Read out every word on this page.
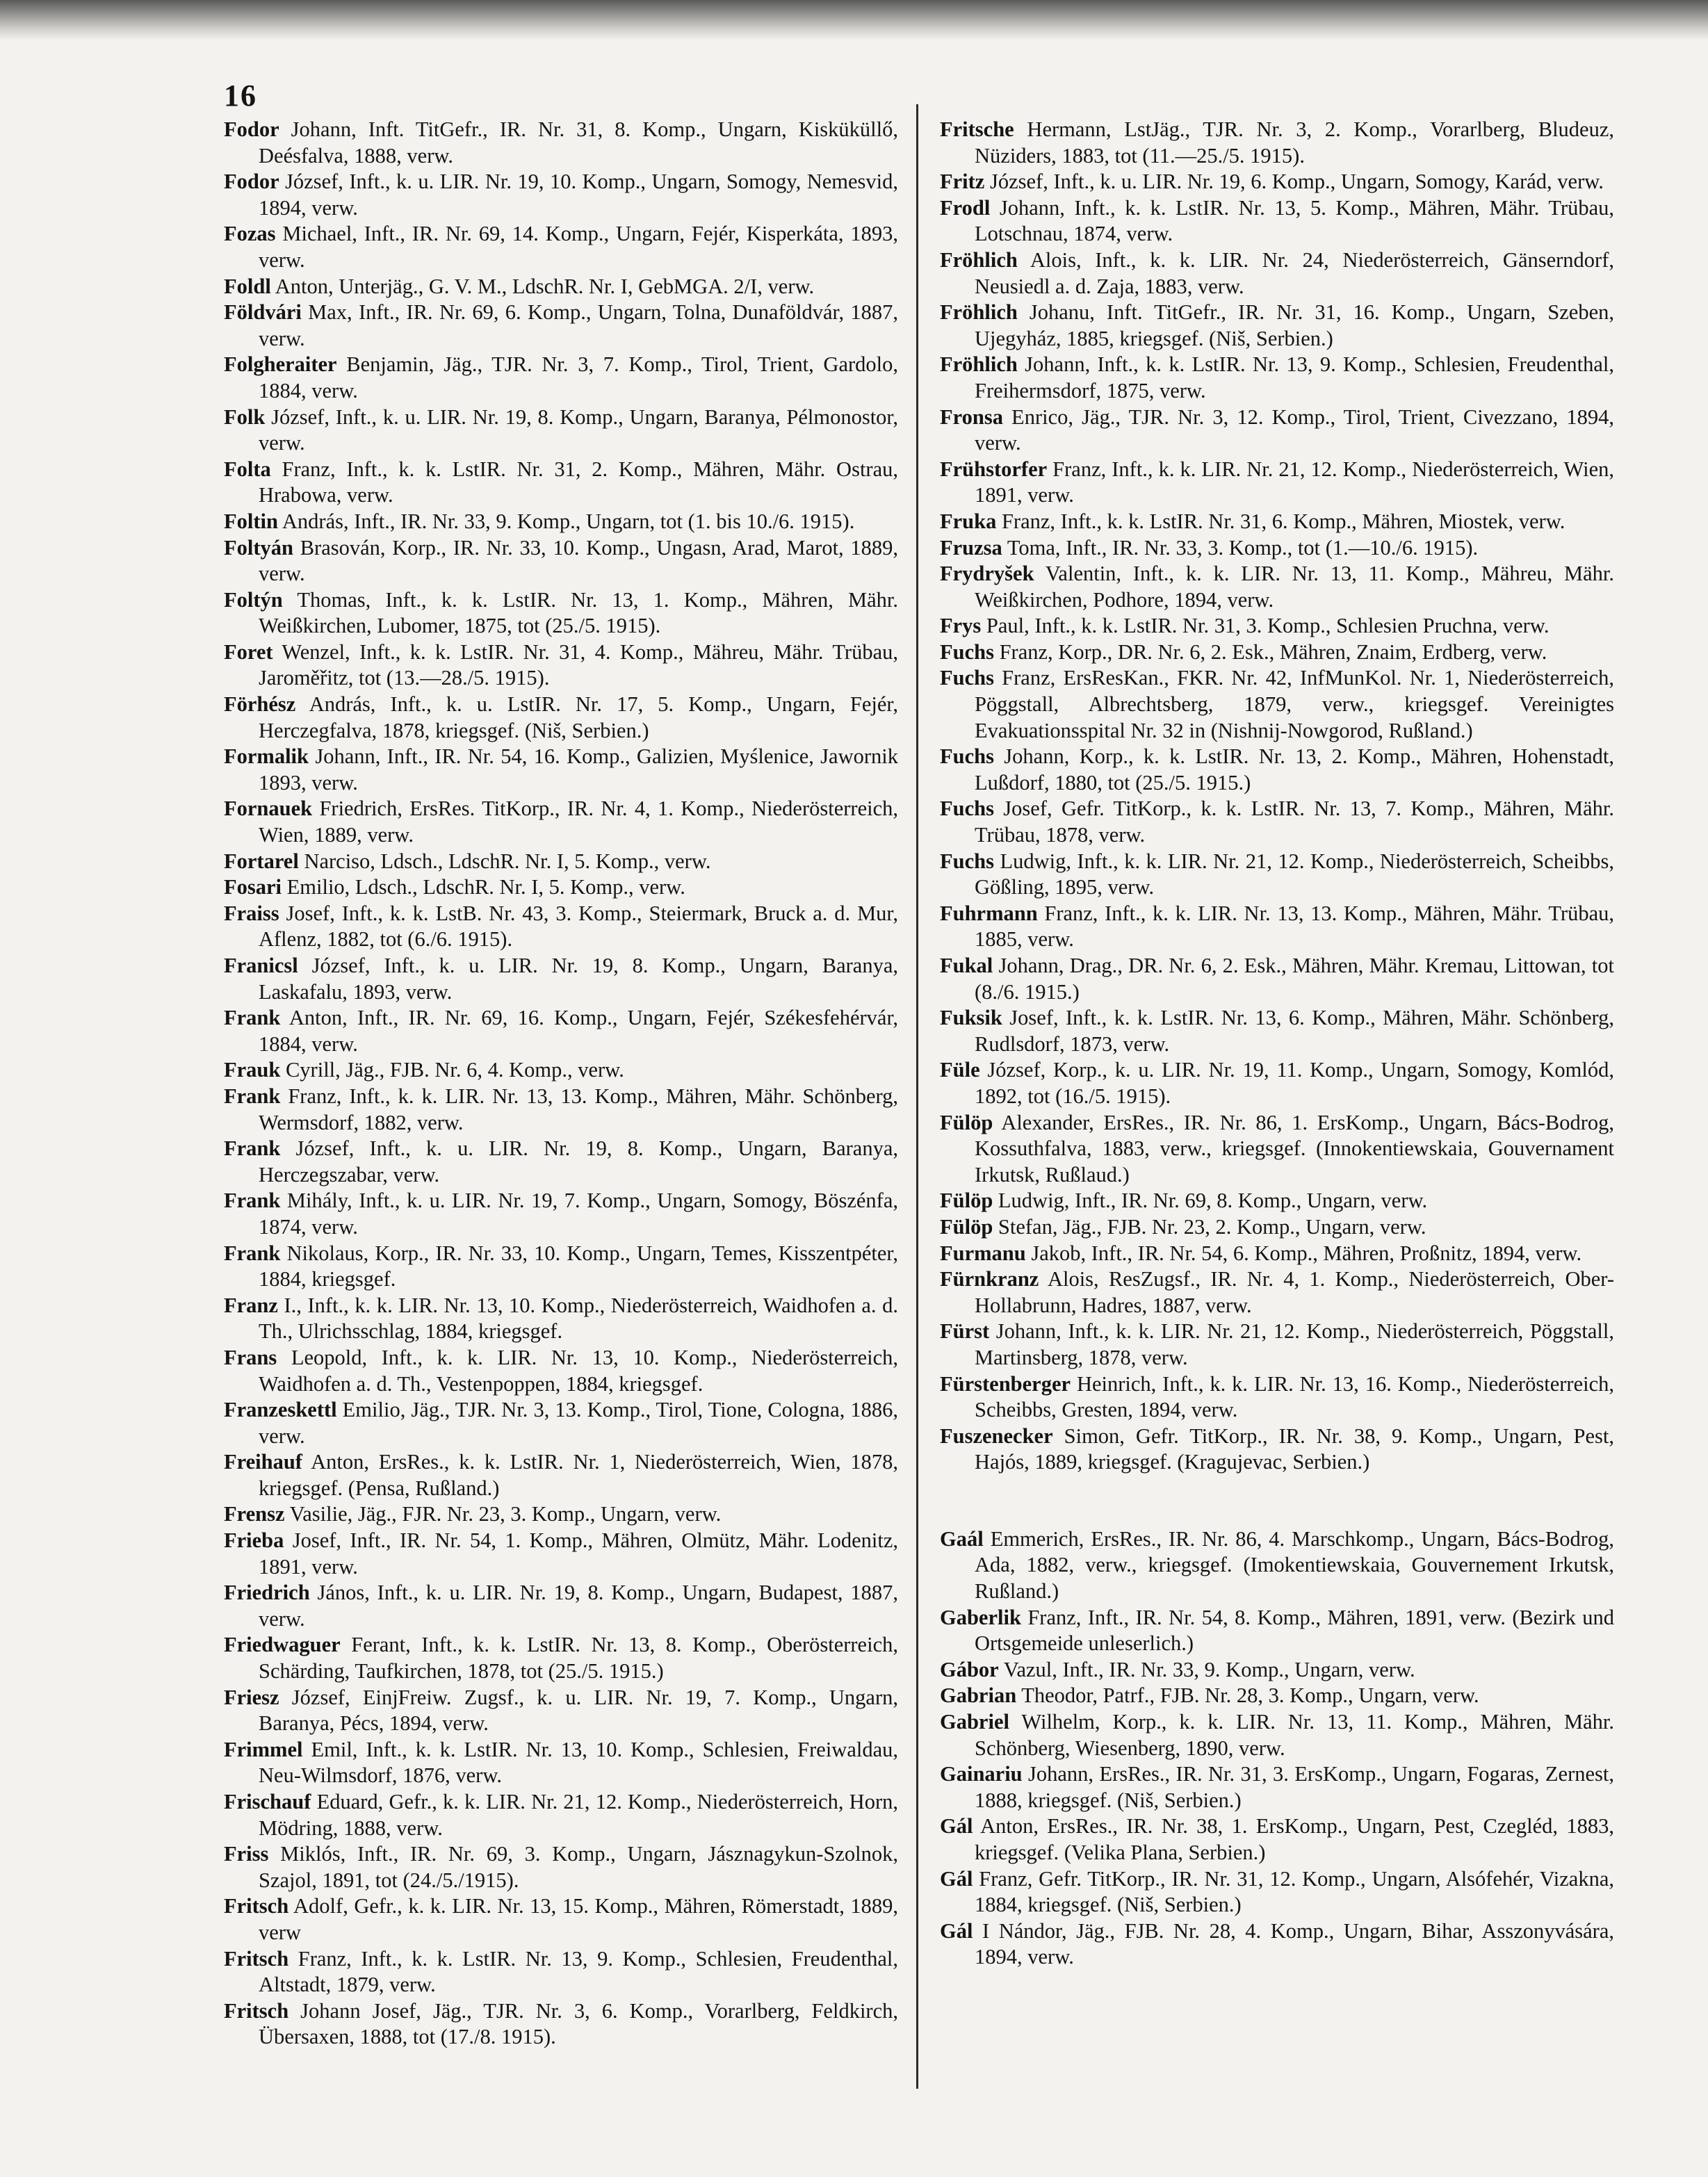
16

Fodor Johann, Inft. TitGefr., IR. Nr. 31, 8. Komp., Ungarn, Kisküküllő, Deésfalva, 1888, verw.

Fodor József, Inft., k. u. LIR. Nr. 19, 10. Komp., Ungarn, Somogy, Nemesvid, 1894, verw.

Fozas Michael, Inft., IR. Nr. 69, 14. Komp., Ungarn, Fejér, Kisperkáta, 1893, verw.

Foldl Anton, Unterjäg., G. V. M., LdschR. Nr. I, GebMGA. 2/I, verw.

Földvári Max, Inft., IR. Nr. 69, 6. Komp., Ungarn, Tolna, Dunaföldvár, 1887, verw.

Folgheraiter Benjamin, Jäg., TJR. Nr. 3, 7. Komp., Tirol, Trient, Gardolo, 1884, verw.

Folk József, Inft., k. u. LIR. Nr. 19, 8. Komp., Ungarn, Baranya, Pélmonostor, verw.

Folta Franz, Inft., k. k. LstIR. Nr. 31, 2. Komp., Mähren, Mähr. Ostrau, Hrabowa, verw.

Foltin András, Inft., IR. Nr. 33, 9. Komp., Ungarn, tot (1. bis 10./6. 1915).

Foltyán Brasován, Korp., IR. Nr. 33, 10. Komp., Ungasn, Arad, Marot, 1889, verw.

Foltýn Thomas, Inft., k. k. LstIR. Nr. 13, 1. Komp., Mähren, Mähr. Weißkirchen, Lubomer, 1875, tot (25./5. 1915).

Foret Wenzel, Inft., k. k. LstIR. Nr. 31, 4. Komp., Mähreu, Mähr. Trübau, Jaroměřitz, tot (13.—28./5. 1915).

Förhész András, Inft., k. u. LstIR. Nr. 17, 5. Komp., Ungarn, Fejér, Herczegfalva, 1878, kriegsgef. (Niš, Serbien.)

Formalik Johann, Inft., IR. Nr. 54, 16. Komp., Galizien, Myślenice, Jawornik 1893, verw.

Fornauek Friedrich, ErsRes. TitKorp., IR. Nr. 4, 1. Komp., Niederösterreich, Wien, 1889, verw.

Fortarel Narciso, Ldsch., LdschR. Nr. I, 5. Komp., verw.

Fosari Emilio, Ldsch., LdschR. Nr. I, 5. Komp., verw.

Fraiss Josef, Inft., k. k. LstB. Nr. 43, 3. Komp., Steiermark, Bruck a. d. Mur, Aflenz, 1882, tot (6./6. 1915).

Franicsl József, Inft., k. u. LIR. Nr. 19, 8. Komp., Ungarn, Baranya, Laskafalu, 1893, verw.

Frank Anton, Inft., IR. Nr. 69, 16. Komp., Ungarn, Fejér, Székesfehérvár, 1884, verw.

Frauk Cyrill, Jäg., FJB. Nr. 6, 4. Komp., verw.

Frank Franz, Inft., k. k. LIR. Nr. 13, 13. Komp., Mähren, Mähr. Schönberg, Wermsdorf, 1882, verw.

Frank József, Inft., k. u. LIR. Nr. 19, 8. Komp., Ungarn, Baranya, Herczegszabar, verw.

Frank Mihály, Inft., k. u. LIR. Nr. 19, 7. Komp., Ungarn, Somogy, Böszénfa, 1874, verw.

Frank Nikolaus, Korp., IR. Nr. 33, 10. Komp., Ungarn, Temes, Kisszentpéter, 1884, kriegsgef.

Franz I., Inft., k. k. LIR. Nr. 13, 10. Komp., Niederösterreich, Waidhofen a. d. Th., Ulrichsschlag, 1884, kriegsgef.

Frans Leopold, Inft., k. k. LIR. Nr. 13, 10. Komp., Niederösterreich, Waidhofen a. d. Th., Vestenpoppen, 1884, kriegsgef.

Franzeskettl Emilio, Jäg., TJR. Nr. 3, 13. Komp., Tirol, Tione, Cologna, 1886, verw.

Freihauf Anton, ErsRes., k. k. LstIR. Nr. 1, Niederösterreich, Wien, 1878, kriegsgef. (Pensa, Rußland.)

Frensz Vasilie, Jäg., FJR. Nr. 23, 3. Komp., Ungarn, verw.

Frieba Josef, Inft., IR. Nr. 54, 1. Komp., Mähren, Olmütz, Mähr. Lodenitz, 1891, verw.

Friedrich János, Inft., k. u. LIR. Nr. 19, 8. Komp., Ungarn, Budapest, 1887, verw.

Friedwaguer Ferant, Inft., k. k. LstIR. Nr. 13, 8. Komp., Oberösterreich, Schärding, Taufkirchen, 1878, tot (25./5. 1915.)

Friesz József, EinjFreiw. Zugsf., k. u. LIR. Nr. 19, 7. Komp., Ungarn, Baranya, Pécs, 1894, verw.

Frimmel Emil, Inft., k. k. LstIR. Nr. 13, 10. Komp., Schlesien, Freiwaldau, Neu-Wilmsdorf, 1876, verw.

Frischauf Eduard, Gefr., k. k. LIR. Nr. 21, 12. Komp., Niederösterreich, Horn, Mödring, 1888, verw.

Friss Miklós, Inft., IR. Nr. 69, 3. Komp., Ungarn, Jásznagykun-Szolnok, Szajol, 1891, tot (24./5./1915).

Fritsch Adolf, Gefr., k. k. LIR. Nr. 13, 15. Komp., Mähren, Römerstadt, 1889, verw

Fritsch Franz, Inft., k. k. LstIR. Nr. 13, 9. Komp., Schlesien, Freudenthal, Altstadt, 1879, verw.

Fritsch Johann Josef, Jäg., TJR. Nr. 3, 6. Komp., Vorarlberg, Feldkirch, Übersaxen, 1888, tot (17./8. 1915).

Fritsche Hermann, LstJäg., TJR. Nr. 3, 2. Komp., Vorarlberg, Bludeuz, Nüziders, 1883, tot (11.—25./5. 1915).

Fritz József, Inft., k. u. LIR. Nr. 19, 6. Komp., Ungarn, Somogy, Karád, verw.

Frodl Johann, Inft., k. k. LstIR. Nr. 13, 5. Komp., Mähren, Mähr. Trübau, Lotschnau, 1874, verw.

Fröhlich Alois, Inft., k. k. LIR. Nr. 24, Niederösterreich, Gänserndorf, Neusiedl a. d. Zaja, 1883, verw.

Fröhlich Johanu, Inft. TitGefr., IR. Nr. 31, 16. Komp., Ungarn, Szeben, Ujegyház, 1885, kriegsgef. (Niš, Serbien.)

Fröhlich Johann, Inft., k. k. LstIR. Nr. 13, 9. Komp., Schlesien, Freudenthal, Freihermsdorf, 1875, verw.

Fronsa Enrico, Jäg., TJR. Nr. 3, 12. Komp., Tirol, Trient, Civezzano, 1894, verw.

Frühstorfer Franz, Inft., k. k. LIR. Nr. 21, 12. Komp., Niederösterreich, Wien, 1891, verw.

Fruka Franz, Inft., k. k. LstIR. Nr. 31, 6. Komp., Mähren, Miostek, verw.

Fruzsa Toma, Inft., IR. Nr. 33, 3. Komp., tot (1.—10./6. 1915).

Frydryšek Valentin, Inft., k. k. LIR. Nr. 13, 11. Komp., Mähreu, Mähr. Weißkirchen, Podhore, 1894, verw.

Frys Paul, Inft., k. k. LstIR. Nr. 31, 3. Komp., Schlesien Pruchna, verw.

Fuchs Franz, Korp., DR. Nr. 6, 2. Esk., Mähren, Znaim, Erdberg, verw.

Fuchs Franz, ErsResKan., FKR. Nr. 42, InfMunKol. Nr. 1, Niederösterreich, Pöggstall, Albrechtsberg, 1879, verw., kriegsgef. Vereinigtes Evakuationsspital Nr. 32 in (Nishnij-Nowgorod, Rußland.)

Fuchs Johann, Korp., k. k. LstIR. Nr. 13, 2. Komp., Mähren, Hohenstadt, Lußdorf, 1880, tot (25./5. 1915.)

Fuchs Josef, Gefr. TitKorp., k. k. LstIR. Nr. 13, 7. Komp., Mähren, Mähr. Trübau, 1878, verw.

Fuchs Ludwig, Inft., k. k. LIR. Nr. 21, 12. Komp., Niederösterreich, Scheibbs, Gößling, 1895, verw.

Fuhrmann Franz, Inft., k. k. LIR. Nr. 13, 13. Komp., Mähren, Mähr. Trübau, 1885, verw.

Fukal Johann, Drag., DR. Nr. 6, 2. Esk., Mähren, Mähr. Kremau, Littowan, tot (8./6. 1915.)

Fuksik Josef, Inft., k. k. LstIR. Nr. 13, 6. Komp., Mähren, Mähr. Schönberg, Rudlsdorf, 1873, verw.

Füle József, Korp., k. u. LIR. Nr. 19, 11. Komp., Ungarn, Somogy, Komlód, 1892, tot (16./5. 1915).

Fülöp Alexander, ErsRes., IR. Nr. 86, 1. ErsKomp., Ungarn, Bács-Bodrog, Kossuthfalva, 1883, verw., kriegsgef. (Innokentiewskaia, Gouvernament Irkutsk, Rußlaud.)

Fülöp Ludwig, Inft., IR. Nr. 69, 8. Komp., Ungarn, verw.

Fülöp Stefan, Jäg., FJB. Nr. 23, 2. Komp., Ungarn, verw.

Furmanu Jakob, Inft., IR. Nr. 54, 6. Komp., Mähren, Proßnitz, 1894, verw.

Fürnkranz Alois, ResZugsf., IR. Nr. 4, 1. Komp., Niederösterreich, Ober-Hollabrunn, Hadres, 1887, verw.

Fürst Johann, Inft., k. k. LIR. Nr. 21, 12. Komp., Niederösterreich, Pöggstall, Martinsberg, 1878, verw.

Fürstenberger Heinrich, Inft., k. k. LIR. Nr. 13, 16. Komp., Niederösterreich, Scheibbs, Gresten, 1894, verw.

Fuszenecker Simon, Gefr. TitKorp., IR. Nr. 38, 9. Komp., Ungarn, Pest, Hajós, 1889, kriegsgef. (Kragujevac, Serbien.)

Gaál Emmerich, ErsRes., IR. Nr. 86, 4. Marschkomp., Ungarn, Bács-Bodrog, Ada, 1882, verw., kriegsgef. (Imokentiewskaia, Gouvernement Irkutsk, Rußland.)

Gaberlik Franz, Inft., IR. Nr. 54, 8. Komp., Mähren, 1891, verw. (Bezirk und Ortsgemeide unleserlich.)

Gábor Vazul, Inft., IR. Nr. 33, 9. Komp., Ungarn, verw.

Gabrian Theodor, Patrf., FJB. Nr. 28, 3. Komp., Ungarn, verw.

Gabriel Wilhelm, Korp., k. k. LIR. Nr. 13, 11. Komp., Mähren, Mähr. Schönberg, Wiesenberg, 1890, verw.

Gainariu Johann, ErsRes., IR. Nr. 31, 3. ErsKomp., Ungarn, Fogaras, Zernest, 1888, kriegsgef. (Niš, Serbien.)

Gál Anton, ErsRes., IR. Nr. 38, 1. ErsKomp., Ungarn, Pest, Czegléd, 1883, kriegsgef. (Velika Plana, Serbien.)

Gál Franz, Gefr. TitKorp., IR. Nr. 31, 12. Komp., Ungarn, Alsófehér, Vizakna, 1884, kriegsgef. (Niš, Serbien.)

Gál I Nándor, Jäg., FJB. Nr. 28, 4. Komp., Ungarn, Bihar, Asszonyvására, 1894, verw.
